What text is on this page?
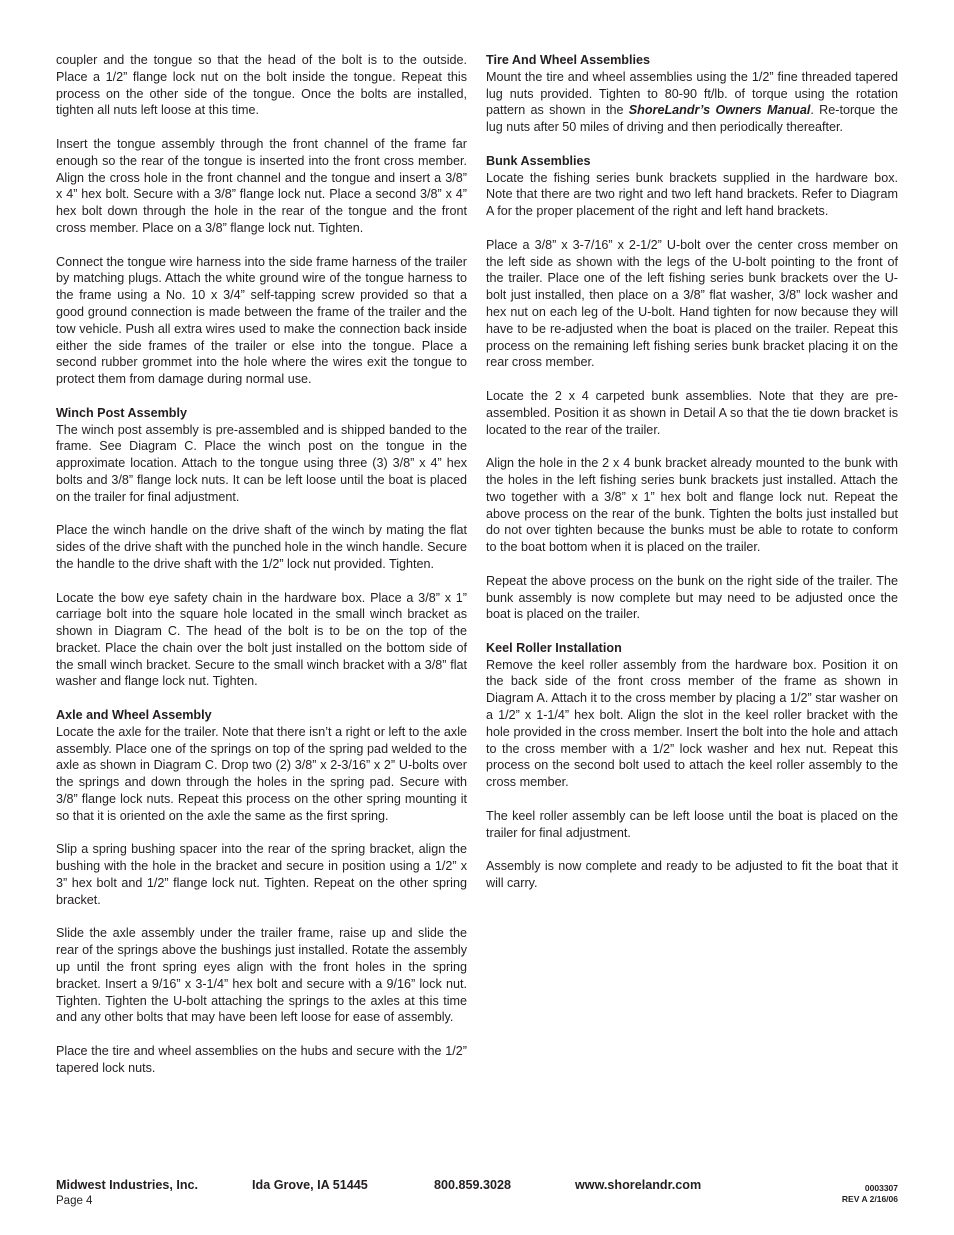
coupler and the tongue so that the head of the bolt is to the outside. Place a 1/2” flange lock nut on the bolt inside the tongue. Repeat this process on the other side of the tongue. Once the bolts are installed, tighten all nuts left loose at this time.

Insert the tongue assembly through the front channel of the frame far enough so the rear of the tongue is inserted into the front cross member. Align the cross hole in the front channel and the tongue and insert a 3/8” x 4” hex bolt. Secure with a 3/8” flange lock nut. Place a second 3/8” x 4” hex bolt down through the hole in the rear of the tongue and the front cross member. Place on a 3/8” flange lock nut. Tighten.

Connect the tongue wire harness into the side frame harness of the trailer by matching plugs. Attach the white ground wire of the tongue harness to the frame using a No. 10 x 3/4” self-tapping screw provided so that a good ground connection is made between the frame of the trailer and the tow vehicle. Push all extra wires used to make the connection back inside either the side frames of the trailer or else into the tongue. Place a second rubber grommet into the hole where the wires exit the tongue to protect them from damage during normal use.

Winch Post Assembly

The winch post assembly is pre-assembled and is shipped banded to the frame. See Diagram C. Place the winch post on the tongue in the approximate location. Attach to the tongue using three (3) 3/8” x 4” hex bolts and 3/8” flange lock nuts. It can be left loose until the boat is placed on the trailer for final adjustment.

Place the winch handle on the drive shaft of the winch by mating the flat sides of the drive shaft with the punched hole in the winch handle. Secure the handle to the drive shaft with the 1/2” lock nut provided. Tighten.

Locate the bow eye safety chain in the hardware box. Place a 3/8” x 1” carriage bolt into the square hole located in the small winch bracket as shown in Diagram C. The head of the bolt is to be on the top of the bracket. Place the chain over the bolt just installed on the bottom side of the small winch bracket. Secure to the small winch bracket with a 3/8” flat washer and flange lock nut. Tighten.

Axle and Wheel Assembly

Locate the axle for the trailer. Note that there isn’t a right or left to the axle assembly. Place one of the springs on top of the spring pad welded to the axle as shown in Diagram C. Drop two (2) 3/8” x 2-3/16” x 2” U-bolts over the springs and down through the holes in the spring pad. Secure with 3/8” flange lock nuts. Repeat this process on the other spring mounting it so that it is oriented on the axle the same as the first spring.

Slip a spring bushing spacer into the rear of the spring bracket, align the bushing with the hole in the bracket and secure in position using a 1/2” x 3” hex bolt and 1/2” flange lock nut. Tighten. Repeat on the other spring bracket.

Slide the axle assembly under the trailer frame, raise up and slide the rear of the springs above the bushings just installed. Rotate the assembly up until the front spring eyes align with the front holes in the spring bracket. Insert a 9/16” x 3-1/4” hex bolt and secure with a 9/16” lock nut. Tighten. Tighten the U-bolt attaching the springs to the axles at this time and any other bolts that may have been left loose for ease of assembly.

Place the tire and wheel assemblies on the hubs and secure with the 1/2” tapered lock nuts.

Tire And Wheel Assemblies

Mount the tire and wheel assemblies using the 1/2” fine threaded tapered lug nuts provided. Tighten to 80-90 ft/lb. of torque using the rotation pattern as shown in the ShoreLandr’s Owners Manual. Re-torque the lug nuts after 50 miles of driving and then periodically thereafter.

Bunk Assemblies

Locate the fishing series bunk brackets supplied in the hardware box. Note that there are two right and two left hand brackets. Refer to Diagram A for the proper placement of the right and left hand brackets.

Place a 3/8” x 3-7/16” x 2-1/2” U-bolt over the center cross member on the left side as shown with the legs of the U-bolt pointing to the front of the trailer. Place one of the left fishing series bunk brackets over the U-bolt just installed, then place on a 3/8” flat washer, 3/8” lock washer and hex nut on each leg of the U-bolt. Hand tighten for now because they will have to be re-adjusted when the boat is placed on the trailer. Repeat this process on the remaining left fishing series bunk bracket placing it on the rear cross member.

Locate the 2 x 4 carpeted bunk assemblies. Note that they are pre-assembled. Position it as shown in Detail A so that the tie down bracket is located to the rear of the trailer.

Align the hole in the 2 x 4 bunk bracket already mounted to the bunk with the holes in the left fishing series bunk brackets just installed. Attach the two together with a 3/8” x 1” hex bolt and flange lock nut. Repeat the above process on the rear of the bunk. Tighten the bolts just installed but do not over tighten because the bunks must be able to rotate to conform to the boat bottom when it is placed on the trailer.

Repeat the above process on the bunk on the right side of the trailer. The bunk assembly is now complete but may need to be adjusted once the boat is placed on the trailer.

Keel Roller Installation

Remove the keel roller assembly from the hardware box. Position it on the back side of the front cross member of the frame as shown in Diagram A. Attach it to the cross member by placing a 1/2” star washer on a 1/2” x 1-1/4” hex bolt. Align the slot in the keel roller bracket with the hole provided in the cross member. Insert the bolt into the hole and attach to the cross member with a 1/2” lock washer and hex nut. Repeat this process on the second bolt used to attach the keel roller assembly to the cross member.

The keel roller assembly can be left loose until the boat is placed on the trailer for final adjustment.

Assembly is now complete and ready to be adjusted to fit the boat that it will carry.

Midwest Industries, Inc.	Ida Grove, IA 51445	800.859.3028	www.shorelandr.com
Page 4
0003307
REV A 2/16/06
